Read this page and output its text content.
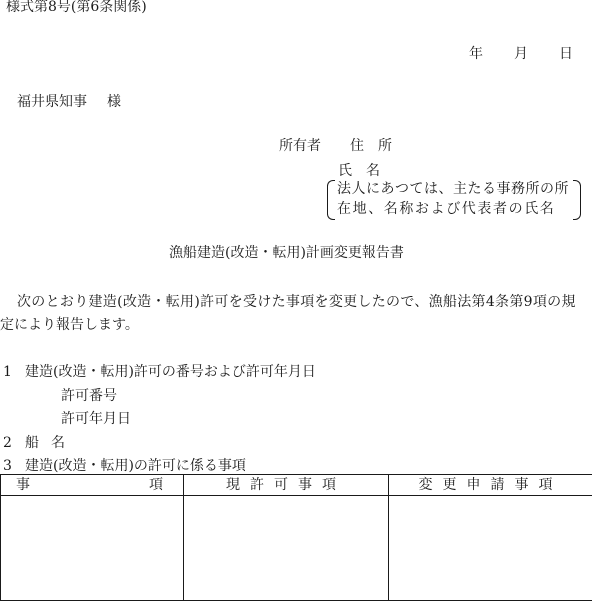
様式第8号(第6条関係)
年 月 日
福井県知事 様
所有者 住所
氏名
法人にあつては、主たる事務所の所
在地、名称および代表者の氏名
漁船建造(改造・転用)計画変更報告書
次のとおり建造(改造・転用)許可を受けた事項を変更したので、漁船法第4条第9項の規
定により報告します。
1 建造(改造・転用)許可の番号および許可年月日
許可番号
許可年月日
2 船名
3 建造(改造・転用)の許可に係る事項
事 項	現許可事項	変更申請事項
